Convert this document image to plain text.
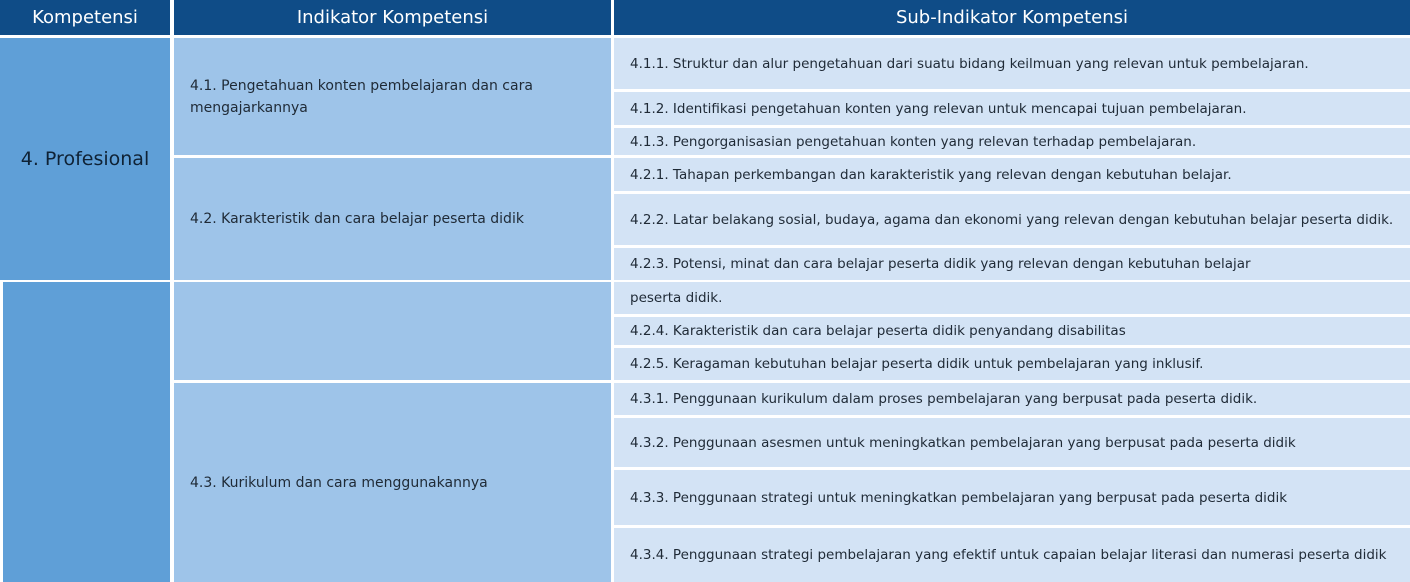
Kompetensi	Indikator Kompetensi	Sub-Indikator Kompetensi
4. Profesional
4.1. Pengetahuan konten pembelajaran dan cara mengajarkannya
4.2. Karakteristik dan cara belajar peserta didik
4.3. Kurikulum dan cara menggunakannya
4.1.1. Struktur dan alur pengetahuan dari suatu bidang keilmuan yang relevan untuk pembelajaran.
4.1.2. Identifikasi pengetahuan konten yang relevan untuk mencapai tujuan pembelajaran.
4.1.3. Pengorganisasian pengetahuan konten yang relevan terhadap pembelajaran.
4.2.1. Tahapan perkembangan dan karakteristik yang relevan dengan kebutuhan belajar.
4.2.2. Latar belakang sosial, budaya, agama dan ekonomi yang relevan dengan kebutuhan belajar peserta didik.
4.2.3. Potensi, minat dan cara belajar peserta didik yang relevan dengan kebutuhan belajar
peserta didik.
4.2.4. Karakteristik dan cara belajar peserta didik penyandang disabilitas
4.2.5. Keragaman kebutuhan belajar peserta didik untuk pembelajaran yang inklusif.
4.3.1. Penggunaan kurikulum dalam proses pembelajaran yang berpusat pada peserta didik.
4.3.2. Penggunaan asesmen untuk meningkatkan pembelajaran yang berpusat pada peserta didik
4.3.3. Penggunaan strategi untuk meningkatkan pembelajaran yang berpusat pada peserta didik
4.3.4. Penggunaan strategi pembelajaran yang efektif untuk capaian belajar literasi dan numerasi peserta didik
